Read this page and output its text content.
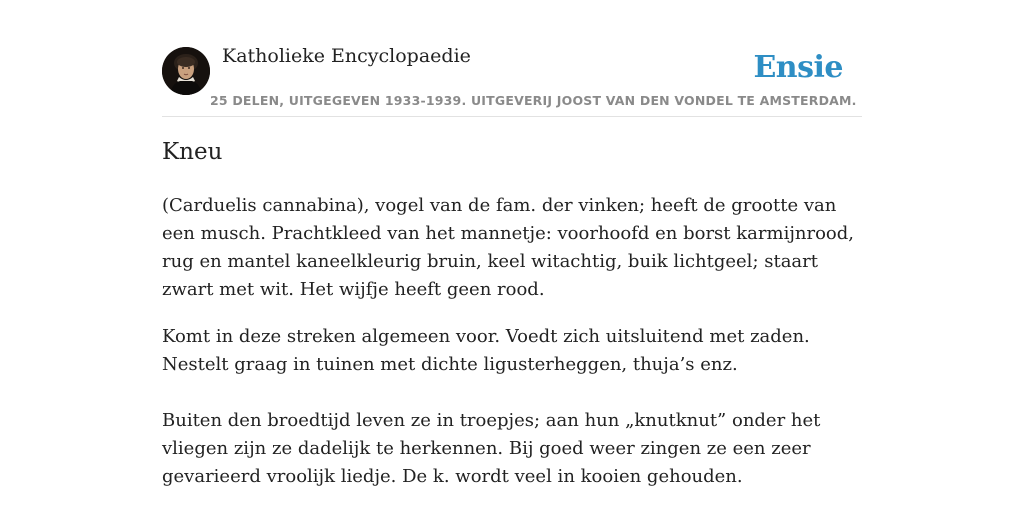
Katholieke Encyclopaedie
25 DELEN, UITGEGEVEN 1933-1939. UITGEVERIJ JOOST VAN DEN VONDEL TE AMSTERDAM.
Ensie
Kneu

(Carduelis cannabina), vogel van de fam. der vinken; heeft de grootte van een musch. Prachtkleed van het mannetje: voorhoofd en borst karmijnrood, rug en mantel kaneelkleurig bruin, keel witachtig, buik lichtgeel; staart zwart met wit. Het wijfje heeft geen rood.

Komt in deze streken algemeen voor. Voedt zich uitsluitend met zaden. Nestelt graag in tuinen met dichte ligusterheggen, thuja’s enz.

Buiten den broedtijd leven ze in troepjes; aan hun „knutknut” onder het vliegen zijn ze dadelijk te herkennen. Bij goed weer zingen ze een zeer gevarieerd vroolijk liedje. De k. wordt veel in kooien gehouden.
